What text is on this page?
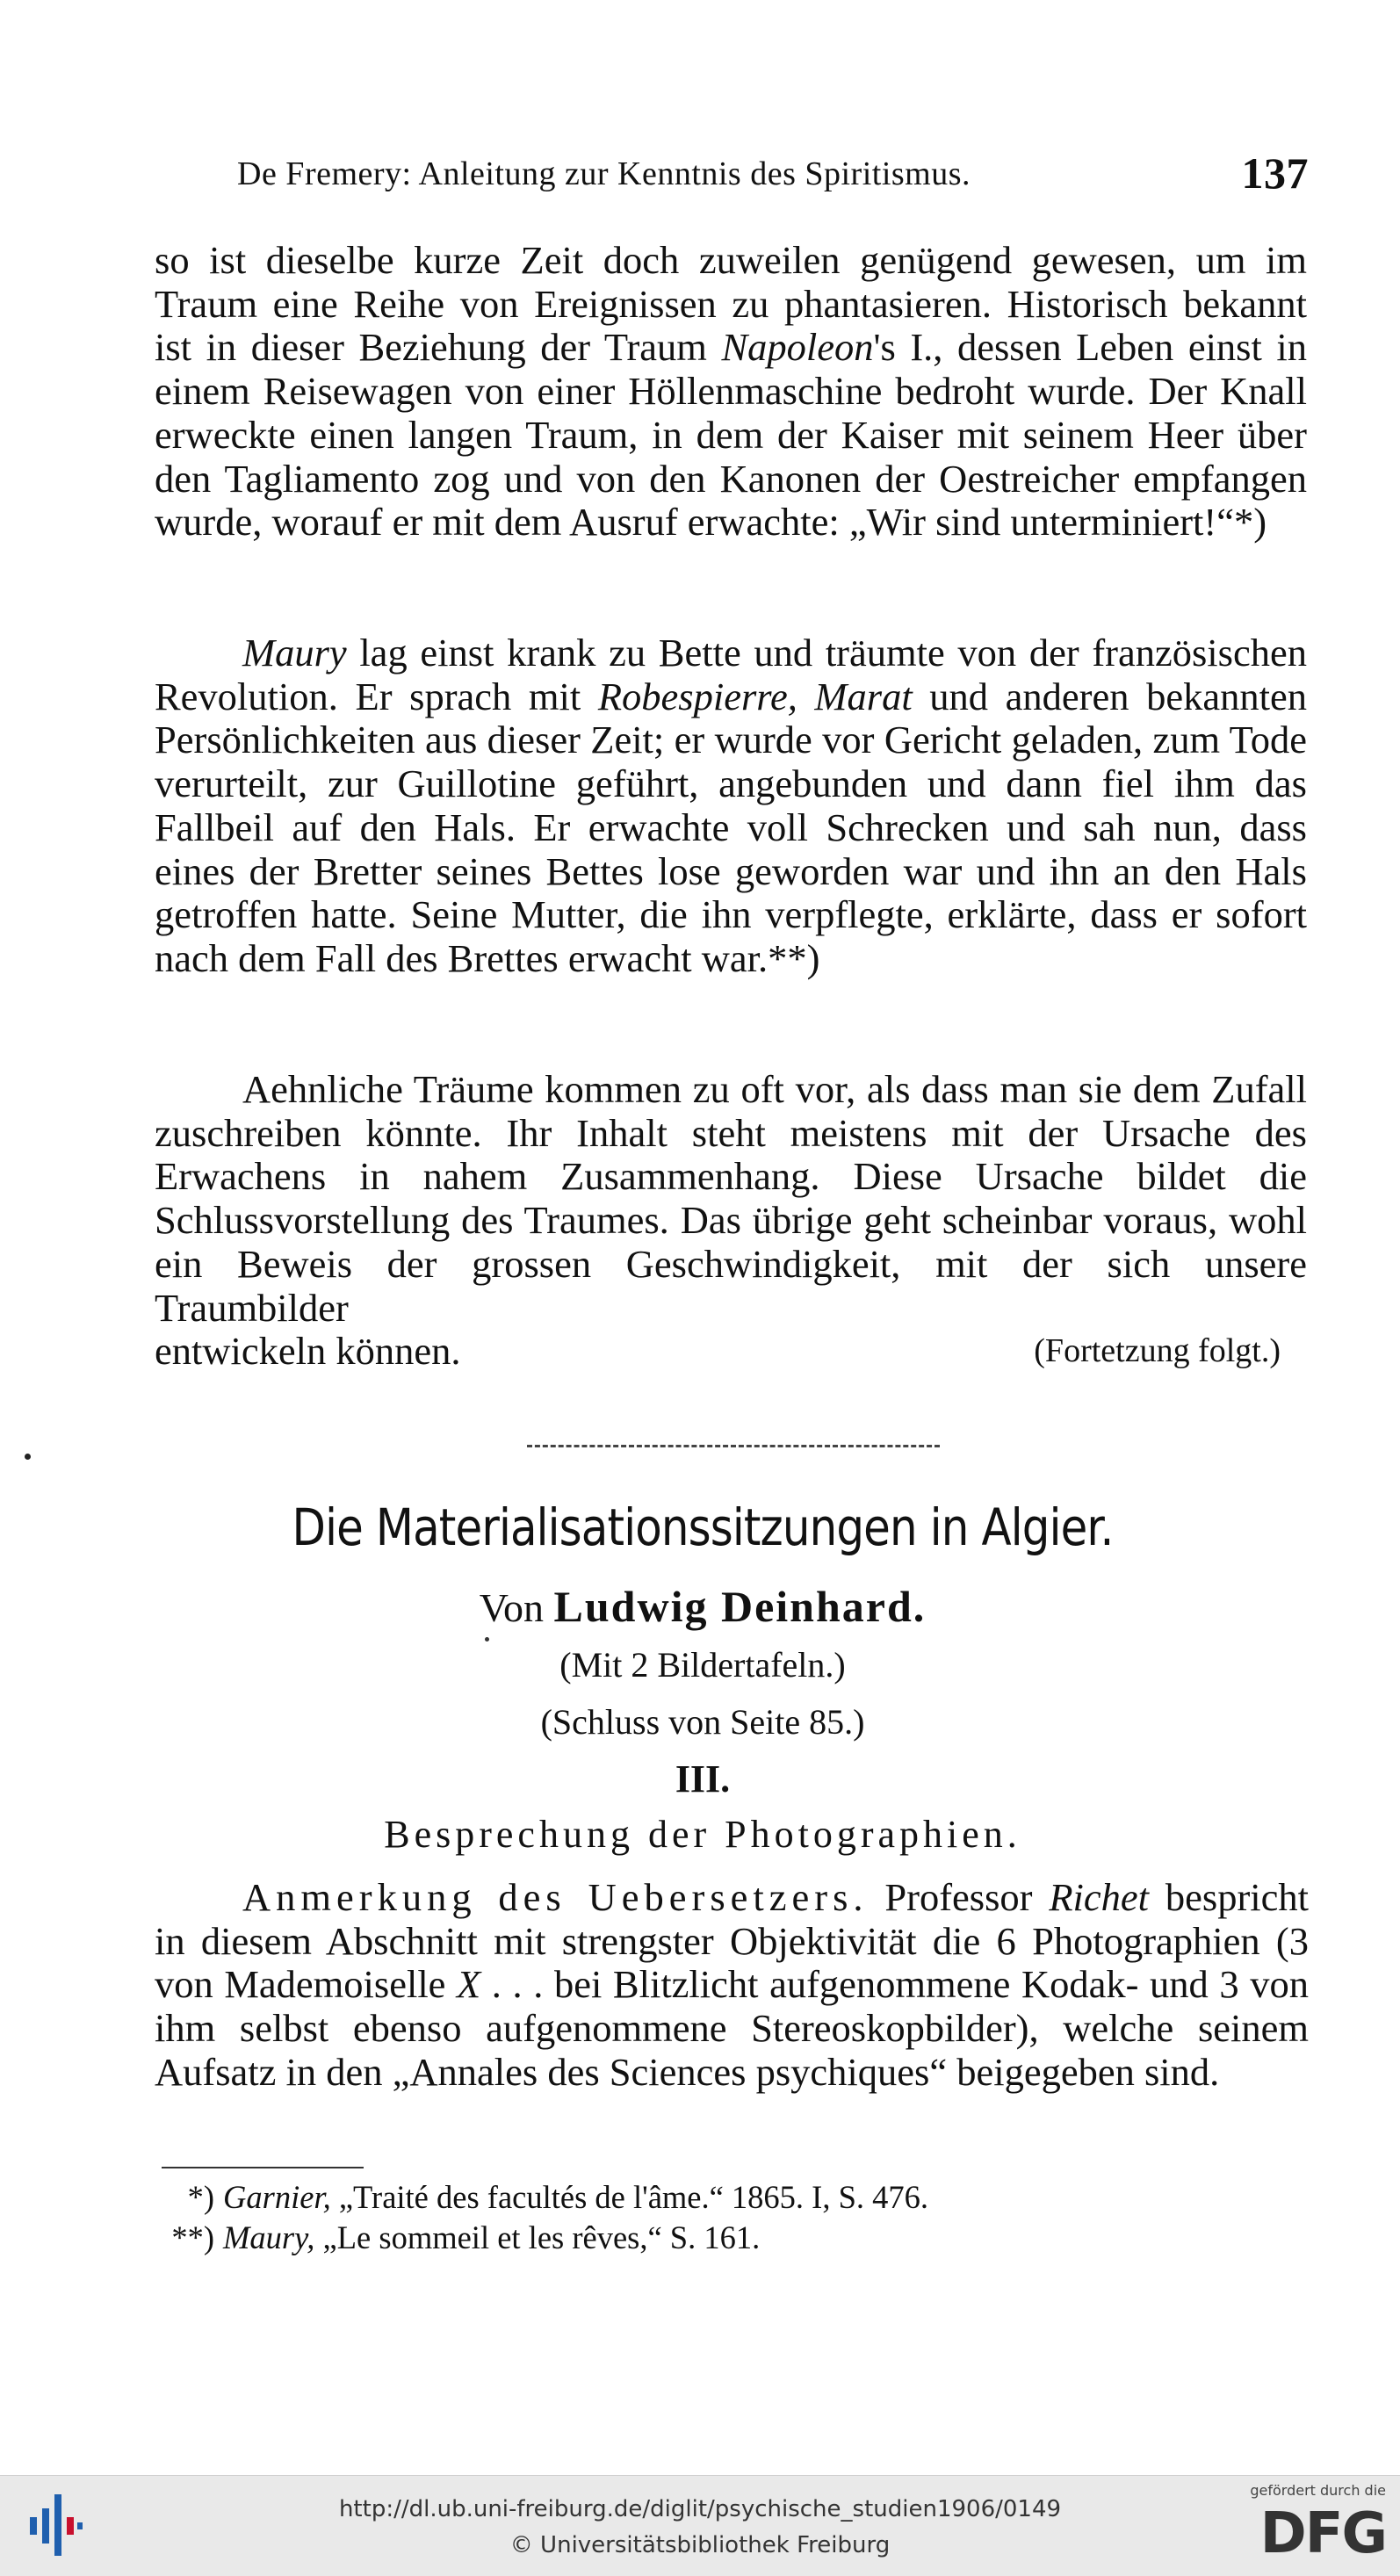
De Fremery: Anleitung zur Kenntnis des Spiritismus.	137

so ist dieselbe kurze Zeit doch zuweilen genügend gewesen, um im Traum eine Reihe von Ereignissen zu phantasieren. Historisch bekannt ist in dieser Beziehung der Traum Napoleon's I., dessen Leben einst in einem Reisewagen von einer Höllenmaschine bedroht wurde. Der Knall erweckte einen langen Traum, in dem der Kaiser mit seinem Heer über den Tagliamento zog und von den Kanonen der Oestreicher empfangen wurde, worauf er mit dem Ausruf erwachte: „Wir sind unterminiert!“*)

Maury lag einst krank zu Bette und träumte von der französischen Revolution. Er sprach mit Robespierre, Marat und anderen bekannten Persönlichkeiten aus dieser Zeit; er wurde vor Gericht geladen, zum Tode verurteilt, zur Guillotine geführt, angebunden und dann fiel ihm das Fallbeil auf den Hals. Er erwachte voll Schrecken und sah nun, dass eines der Bretter seines Bettes lose geworden war und ihn an den Hals getroffen hatte. Seine Mutter, die ihn verpflegte, erklärte, dass er sofort nach dem Fall des Brettes erwacht war.**)

Aehnliche Träume kommen zu oft vor, als dass man sie dem Zufall zuschreiben könnte. Ihr Inhalt steht meistens mit der Ursache des Erwachens in nahem Zusammenhang. Diese Ursache bildet die Schlussvorstellung des Traumes. Das übrige geht scheinbar voraus, wohl ein Beweis der grossen Geschwindigkeit, mit der sich unsere Traumbilder

entwickeln können.	(Fortetzung folgt.)
Die Materialisationssitzungen in Algier.
Von Ludwig Deinhard.
(Mit 2 Bildertafeln.)
(Schluss von Seite 85.)
III.
Besprechung der Photographien.

Anmerkung des Uebersetzers. Professor Richet bespricht in diesem Abschnitt mit strengster Objektivität die 6 Photographien (3 von Mademoiselle X . . . bei Blitzlicht aufgenommene Kodak- und 3 von ihm selbst ebenso aufgenommene Stereoskopbilder), welche seinem Aufsatz in den „Annales des Sciences psychiques“ beigegeben sind.

*) Garnier, „Traité des facultés de l'âme.“ 1865. I, S. 476.
**) Maury, „Le sommeil et les rêves,“ S. 161.
http://dl.ub.uni-freiburg.de/diglit/psychische_studien1906/0149
© Universitätsbibliothek Freiburg
gefördert durch die
DFG
